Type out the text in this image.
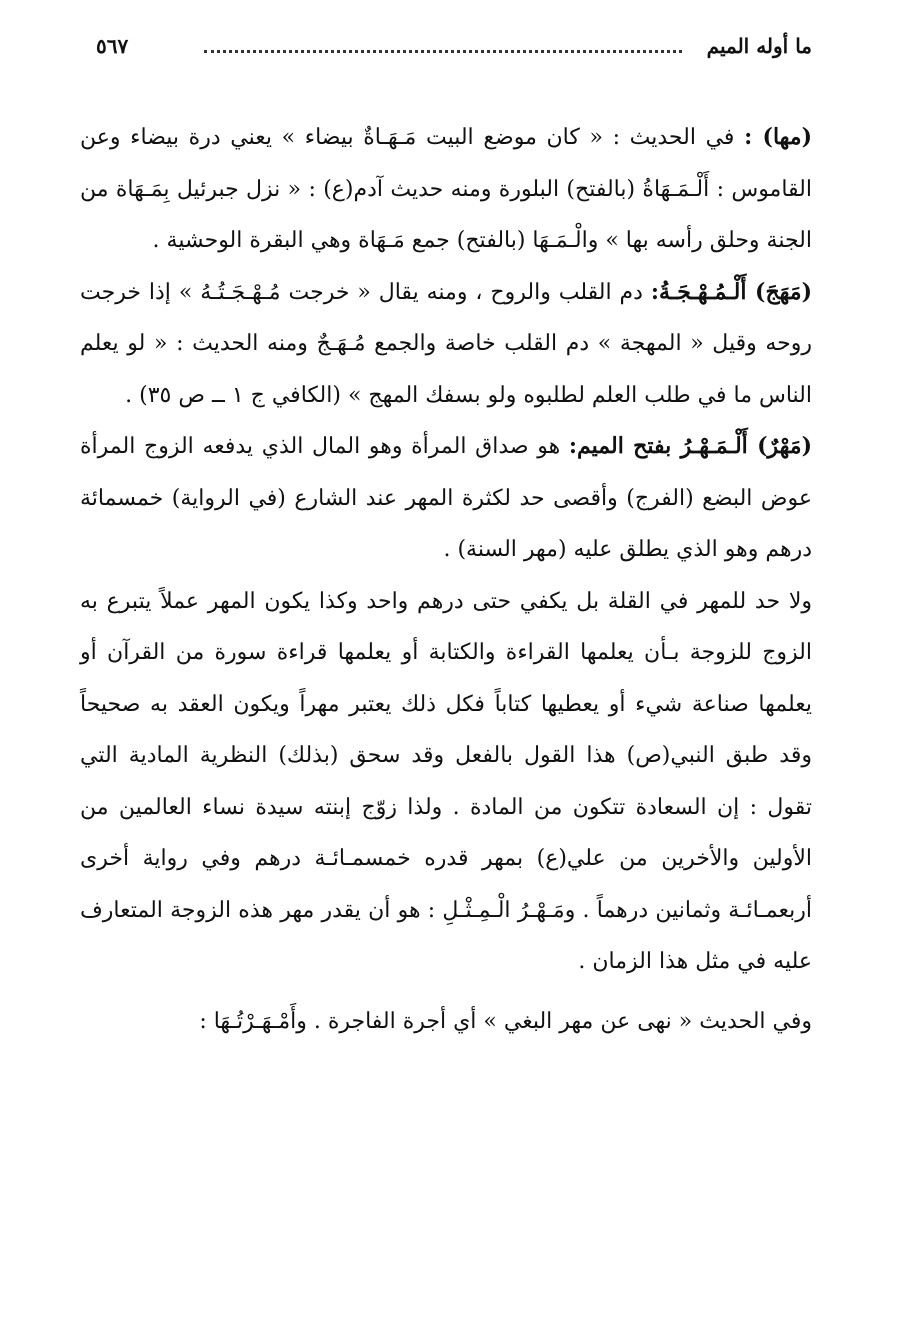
ما أوله الميم
٥٦٧

(مها) : في الحديث : « كان موضع البيت مَـهَـاةٌ بيضاء » يعني درة بيضاء وعن القاموس : أَلْـمَـهَاةُ (بالفتح) البلورة ومنه حديث آدم(ع) : « نزل جبرئيل بِمَـهَاة من الجنة وحلق رأسه بها » والْـمَـهَا (بالفتح) جمع مَـهَاة وهي البقرة الوحشية .

(مَهَجَ) أَلْـمُـهْـجَـةُ: دم القلب والروح ، ومنه يقال « خرجت مُـهْـجَـتُـهُ » إذا خرجت روحه وقيل « المهجة » دم القلب خاصة والجمع مُـهَـجٌ ومنه الحديث : « لو يعلم الناس ما في طلب العلم لطلبوه ولو بسفك المهج » (الكافي ج ١ ــ ص ٣٥) .

(مَهْرٌ) أَلْـمَـهْـرُ بفتح الميم: هو صداق المرأة وهو المال الذي يدفعه الزوج المرأة عوض البضع (الفرج) وأقصى حد لكثرة المهر عند الشارع (في الرواية) خمسمائة درهم وهو الذي يطلق عليه (مهر السنة) .

ولا حد للمهر في القلة بل يكفي حتى درهم واحد وكذا يكون المهر عملاً يتبرع به الزوج للزوجة بـأن يعلمها القراءة والكتابة أو يعلمها قراءة سورة من القرآن أو يعلمها صناعة شيء أو يعطيها كتاباً فكل ذلك يعتبر مهراً ويكون العقد به صحيحاً وقد طبق النبي(ص) هذا القول بالفعل وقد سحق (بذلك) النظرية المادية التي تقول : إن السعادة تتكون من المادة . ولذا زوّج إبنته سيدة نساء العالمين من الأولين والأخرين من علي(ع) بمهر قدره خمسمـائـة درهم وفي رواية أخرى أربعمـائـة وثمانين درهماً . ومَـهْـرُ الْـمِـثْـلِ : هو أن يقدر مهر هذه الزوجة المتعارف عليه في مثل هذا الزمان .

وفي الحديث « نهى عن مهر البغي » أي أجرة الفاجرة . وأَمْـهَـرْتُـهَا :
